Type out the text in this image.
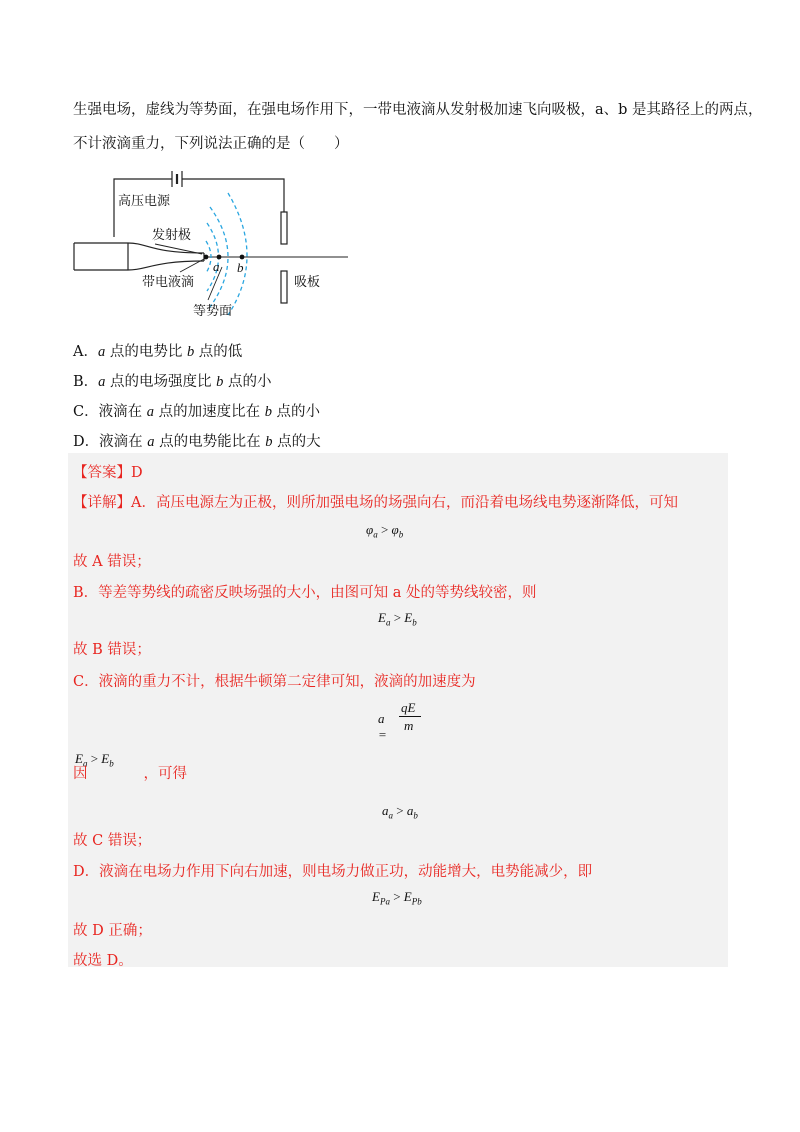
生强电场，虚线为等势面，在强电场作用下，一带电液滴从发射极加速飞向吸极，a、b 是其路径上的两点，
不计液滴重力，下列说法正确的是（　　）
高压电源
发射极
带电液滴
等势面
吸板
a b
A．a 点的电势比 b 点的低
B．a 点的电场强度比 b 点的小
C．液滴在 a 点的加速度比在 b 点的小
D．液滴在 a 点的电势能比在 b 点的大
【答案】D
【详解】A．高压电源左为正极，则所加强电场的场强向右，而沿着电场线电势逐渐降低，可知
$\varphi_a > \varphi_b$
故 A 错误；
B．等差等势线的疏密反映场强的大小，由图可知 a 处的等势线较密，则
$E_a > E_b$
故 B 错误；
C．液滴的重力不计，根据牛顿第二定律可知，液滴的加速度为
a =
qE
m
$E_a > E_b$
因	，可得
$a_a > a_b$
故 C 错误；
D．液滴在电场力作用下向右加速，则电场力做正功，动能增大，电势能减少，即
$E_{Pa} > E_{Pb}$
故 D 正确；
故选 D。
